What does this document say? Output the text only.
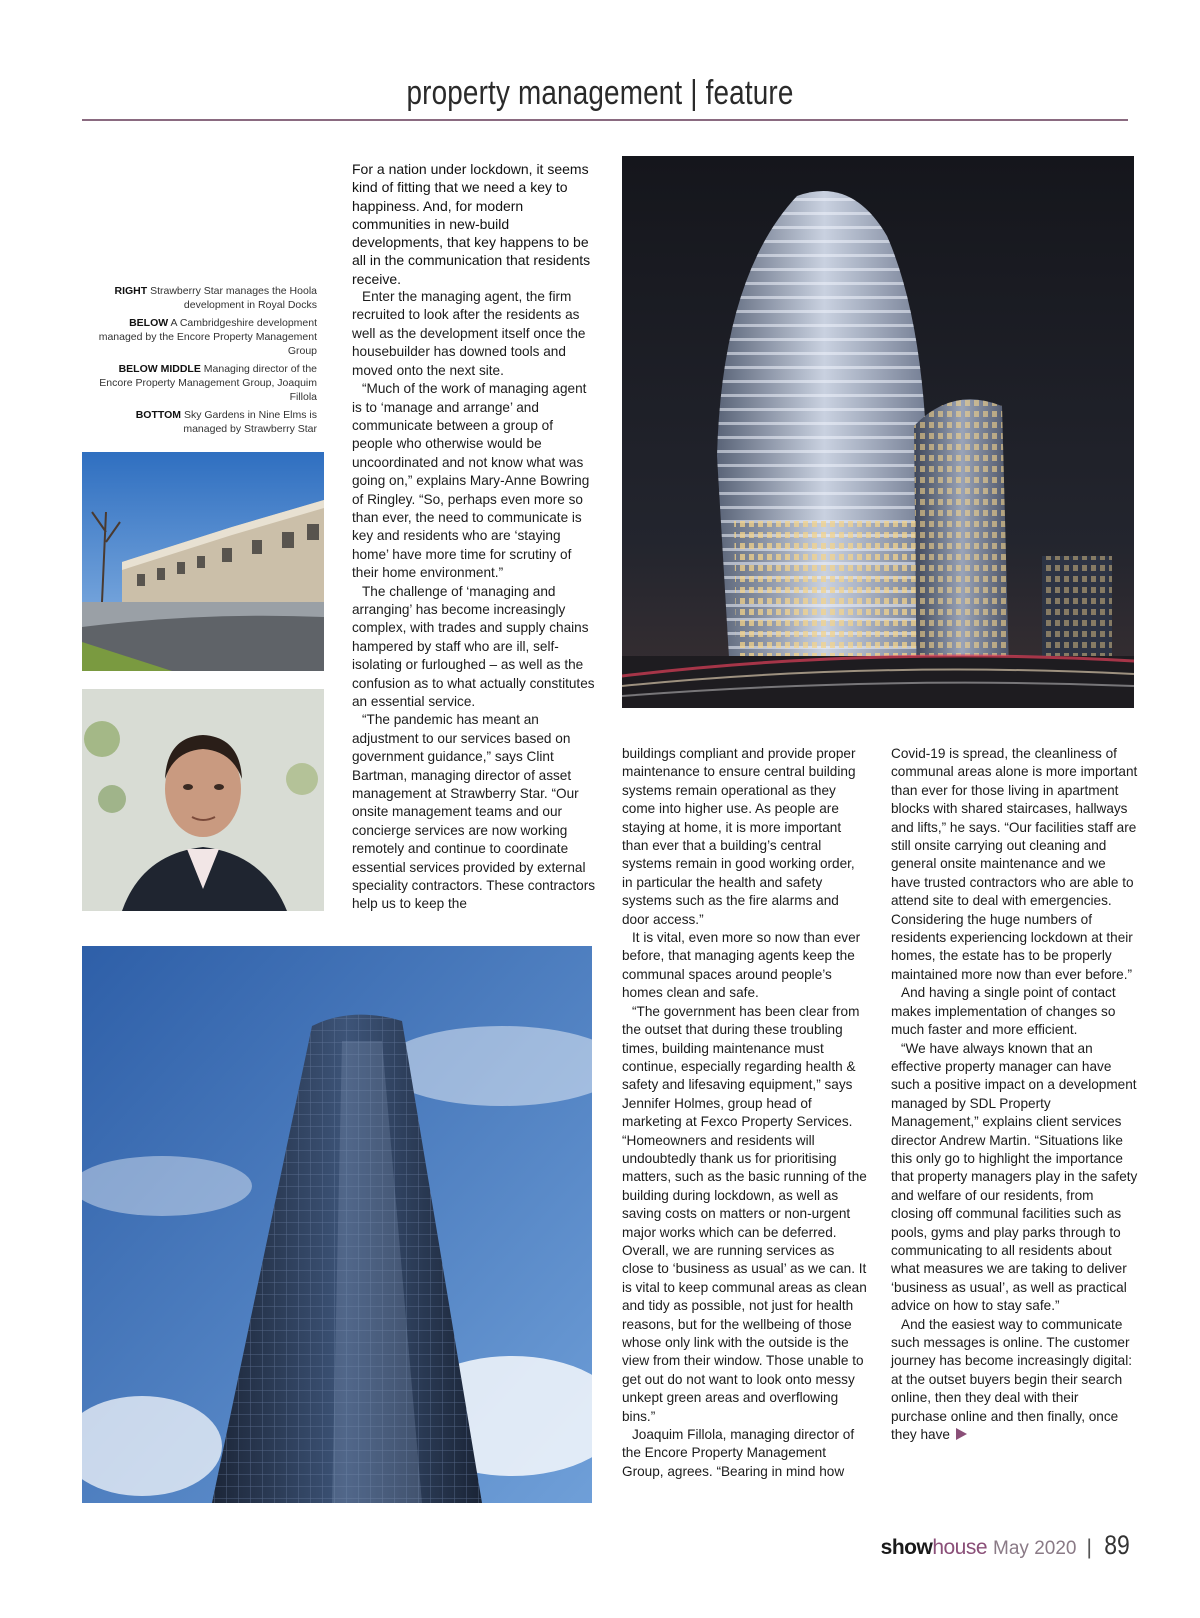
property management | feature
RIGHT Strawberry Star manages the Hoola development in Royal Docks
BELOW A Cambridgeshire development managed by the Encore Property Management Group
BELOW MIDDLE Managing director of the Encore Property Management Group, Joaquim Fillola
BOTTOM Sky Gardens in Nine Elms is managed by Strawberry Star

For a nation under lockdown, it seems kind of fitting that we need a key to happiness. And, for modern communities in new-build developments, that key happens to be all in the communication that residents receive.

Enter the managing agent, the firm recruited to look after the residents as well as the development itself once the housebuilder has downed tools and moved onto the next site.

“Much of the work of managing agent is to ‘manage and arrange’ and communicate between a group of people who otherwise would be uncoordinated and not know what was going on,” explains Mary-Anne Bowring of Ringley. “So, perhaps even more so than ever, the need to communicate is key and residents who are ‘staying home’ have more time for scrutiny of their home environment.”

The challenge of ‘managing and arranging’ has become increasingly complex, with trades and supply chains hampered by staff who are ill, self-isolating or furloughed – as well as the confusion as to what actually constitutes an essential service.

“The pandemic has meant an adjustment to our services based on government guidance,” says Clint Bartman, managing director of asset management at Strawberry Star. “Our onsite management teams and our concierge services are now working remotely and continue to coordinate essential services provided by external speciality contractors. These contractors help us to keep the

buildings compliant and provide proper maintenance to ensure central building systems remain operational as they come into higher use. As people are staying at home, it is more important than ever that a building’s central systems remain in good working order, in particular the health and safety systems such as the fire alarms and door access.”

It is vital, even more so now than ever before, that managing agents keep the communal spaces around people’s homes clean and safe.

“The government has been clear from the outset that during these troubling times, building maintenance must continue, especially regarding health & safety and lifesaving equipment,” says Jennifer Holmes, group head of marketing at Fexco Property Services. “Homeowners and residents will undoubtedly thank us for prioritising matters, such as the basic running of the building during lockdown, as well as saving costs on matters or non-urgent major works which can be deferred. Overall, we are running services as close to ‘business as usual’ as we can. It is vital to keep communal areas as clean and tidy as possible, not just for health reasons, but for the wellbeing of those whose only link with the outside is the view from their window. Those unable to get out do not want to look onto messy unkept green areas and overflowing bins.”

Joaquim Fillola, managing director of the Encore Property Management Group, agrees. “Bearing in mind how

Covid-19 is spread, the cleanliness of communal areas alone is more important than ever for those living in apartment blocks with shared staircases, hallways and lifts,” he says. “Our facilities staff are still onsite carrying out cleaning and general onsite maintenance and we have trusted contractors who are able to attend site to deal with emergencies. Considering the huge numbers of residents experiencing lockdown at their homes, the estate has to be properly maintained more now than ever before.”

And having a single point of contact makes implementation of changes so much faster and more efficient.

“We have always known that an effective property manager can have such a positive impact on a development managed by SDL Property Management,” explains client services director Andrew Martin. “Situations like this only go to highlight the importance that property managers play in the safety and welfare of our residents, from closing off communal facilities such as pools, gyms and play parks through to communicating to all residents about what measures we are taking to deliver ‘business as usual’, as well as practical advice on how to stay safe.”

And the easiest way to communicate such messages is online. The customer journey has become increasingly digital: at the outset buyers begin their search online, then they deal with their purchase online and then finally, once they have

show house May 2020 | 89
